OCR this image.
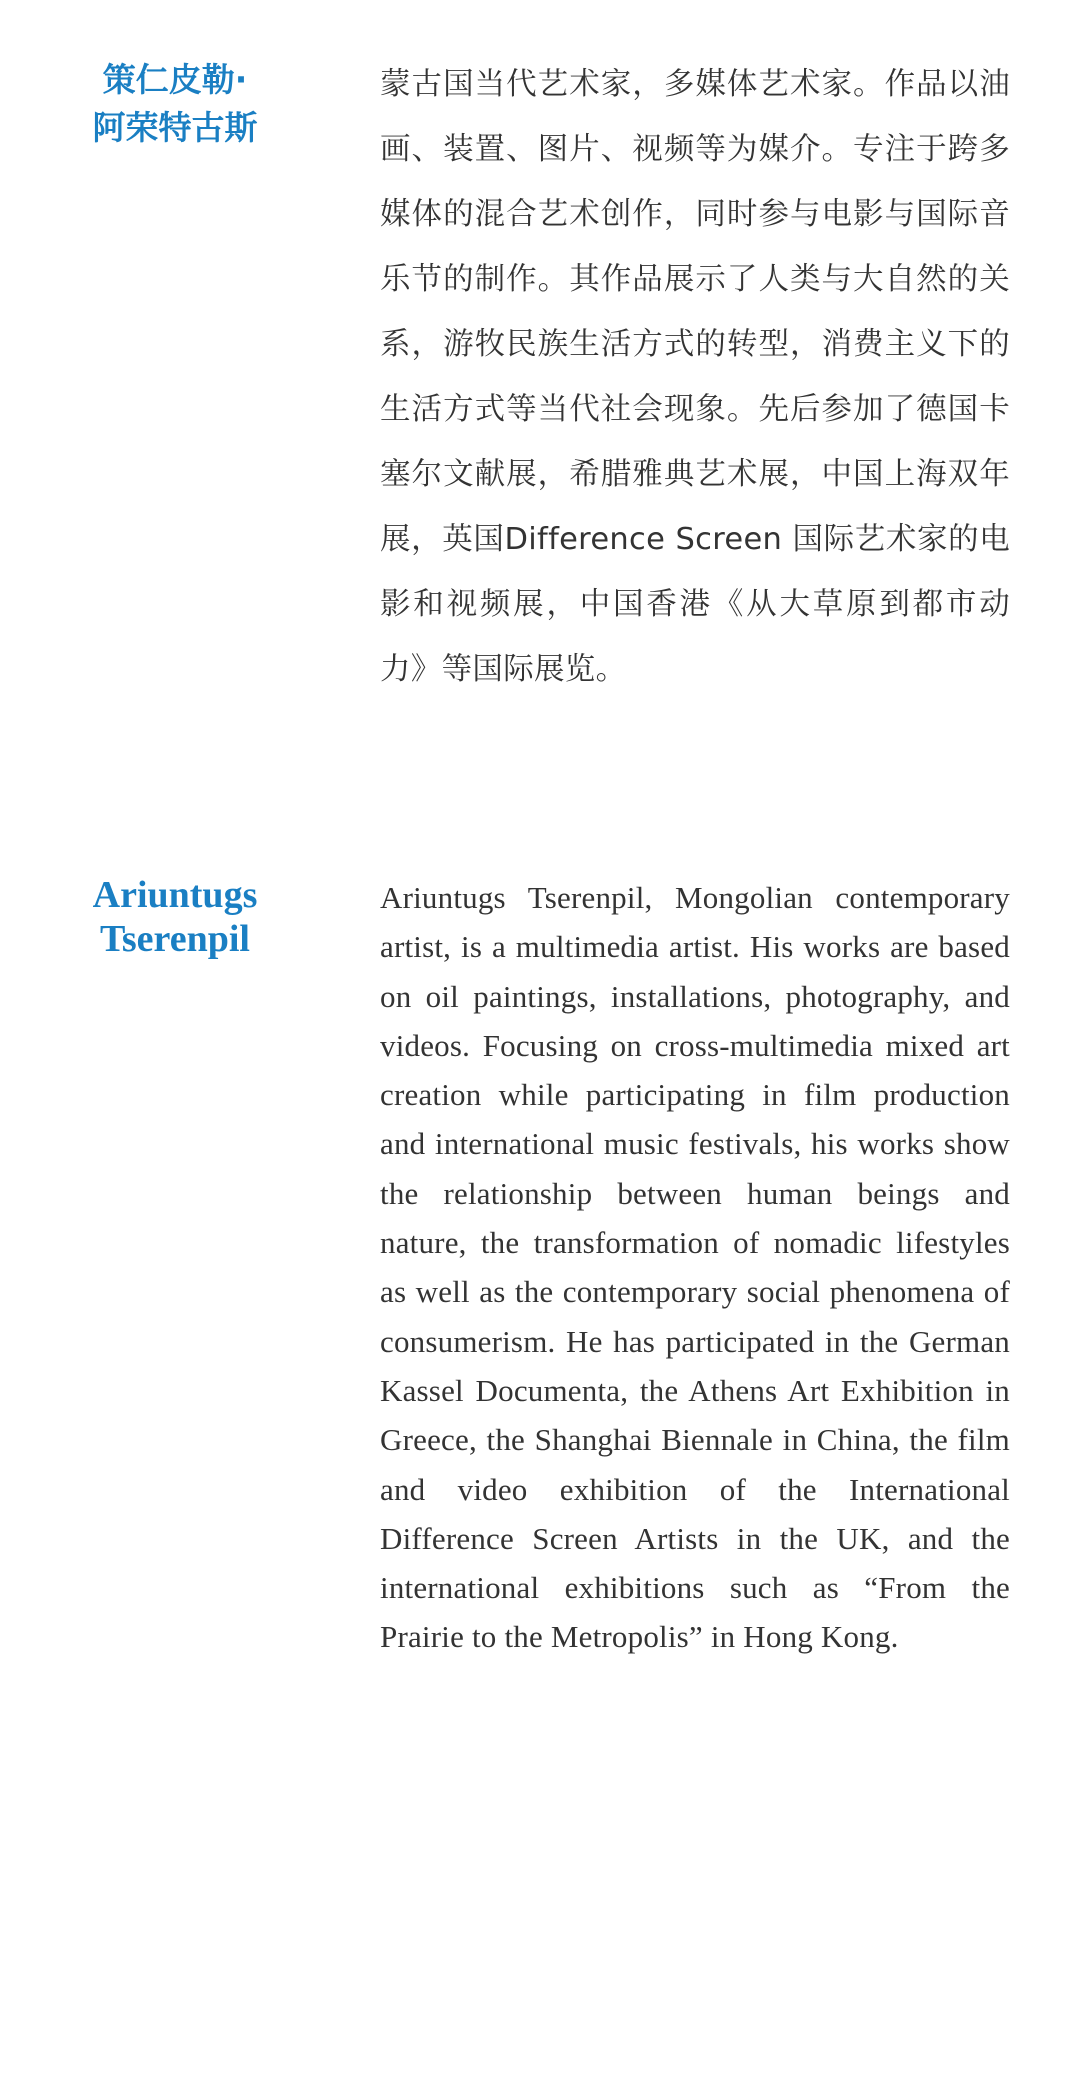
策仁皮勒·
阿荣特古斯

蒙古国当代艺术家，多媒体艺术家。作品以油画、装置、图片、视频等为媒介。专注于跨多媒体的混合艺术创作，同时参与电影与国际音乐节的制作。其作品展示了人类与大自然的关系，游牧民族生活方式的转型，消费主义下的生活方式等当代社会现象。先后参加了德国卡塞尔文献展，希腊雅典艺术展，中国上海双年展，英国Difference Screen 国际艺术家的电影和视频展，中国香港《从大草原到都市动力》等国际展览。

Ariuntugs
Tserenpil

Ariuntugs Tserenpil, Mongolian contemporary artist, is a multimedia artist. His works are based on oil paintings, installations, photography, and videos. Focusing on cross-multimedia mixed art creation while participating in film production and international music festivals, his works show the relationship between human beings and nature, the transformation of nomadic lifestyles as well as the contemporary social phenomena of consumerism. He has participated in the German Kassel Documenta, the Athens Art Exhibition in Greece, the Shanghai Biennale in China, the film and video exhibition of the International Difference Screen Artists in the UK, and the international exhibitions such as “From the Prairie to the Metropolis” in Hong Kong.
